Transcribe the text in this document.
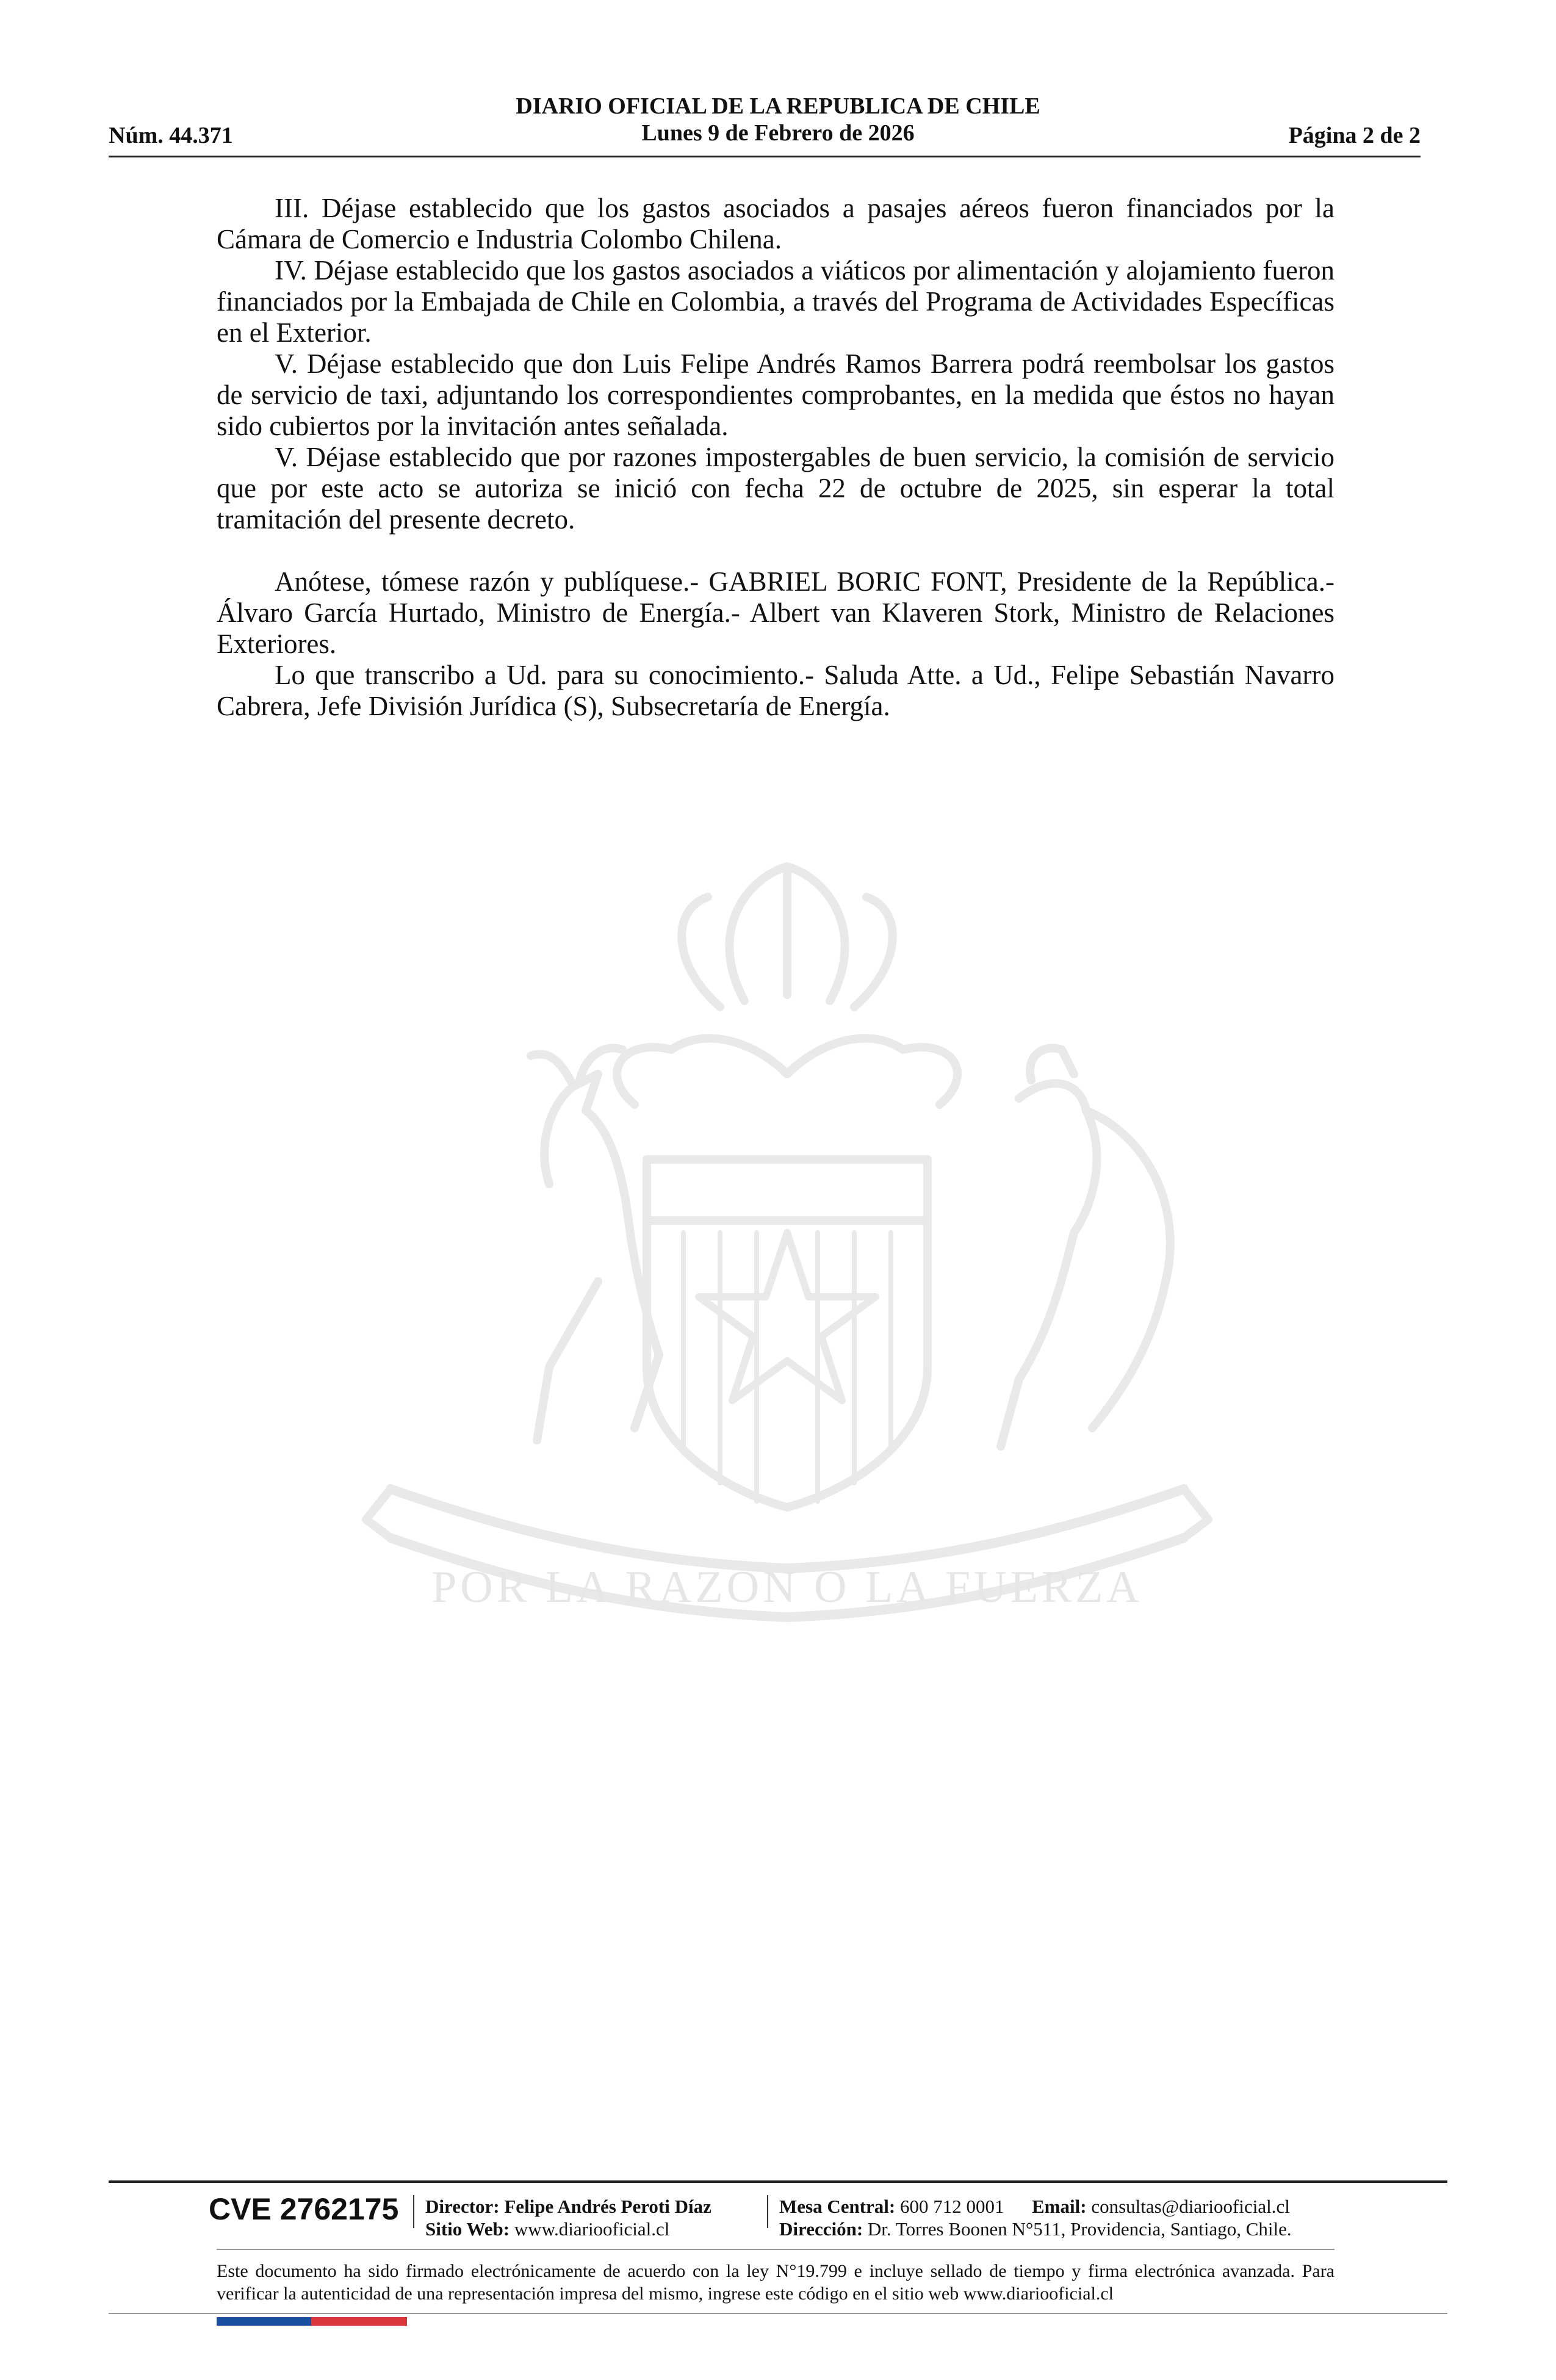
DIARIO OFICIAL DE LA REPUBLICA DE CHILE
Lunes 9 de Febrero de 2026
Núm. 44.371	Página 2 de 2
POR LA RAZON O LA FUERZA

III. Déjase establecido que los gastos asociados a pasajes aéreos fueron financiados por la Cámara de Comercio e Industria Colombo Chilena.

IV. Déjase establecido que los gastos asociados a viáticos por alimentación y alojamiento fueron financiados por la Embajada de Chile en Colombia, a través del Programa de Actividades Específicas en el Exterior.

V. Déjase establecido que don Luis Felipe Andrés Ramos Barrera podrá reembolsar los gastos de servicio de taxi, adjuntando los correspondientes comprobantes, en la medida que éstos no hayan sido cubiertos por la invitación antes señalada.

V. Déjase establecido que por razones impostergables de buen servicio, la comisión de servicio que por este acto se autoriza se inició con fecha 22 de octubre de 2025, sin esperar la total tramitación del presente decreto.

Anótese, tómese razón y publíquese.- GABRIEL BORIC FONT, Presidente de la República.- Álvaro García Hurtado, Ministro de Energía.- Albert van Klaveren Stork, Ministro de Relaciones Exteriores.

Lo que transcribo a Ud. para su conocimiento.- Saluda Atte. a Ud., Felipe Sebastián Navarro Cabrera, Jefe División Jurídica (S), Subsecretaría de Energía.

CVE 2762175 Director: Felipe Andrés Peroti Díaz
Sitio Web: www.diariooficial.cl
Mesa Central: 600 712 0001 Email: consultas@diariooficial.cl
Dirección: Dr. Torres Boonen N°511, Providencia, Santiago, Chile.
Este documento ha sido firmado electrónicamente de acuerdo con la ley N°19.799 e incluye sellado de tiempo y firma electrónica avanzada. Para verificar la autenticidad de una representación impresa del mismo, ingrese este código en el sitio web www.diariooficial.cl
